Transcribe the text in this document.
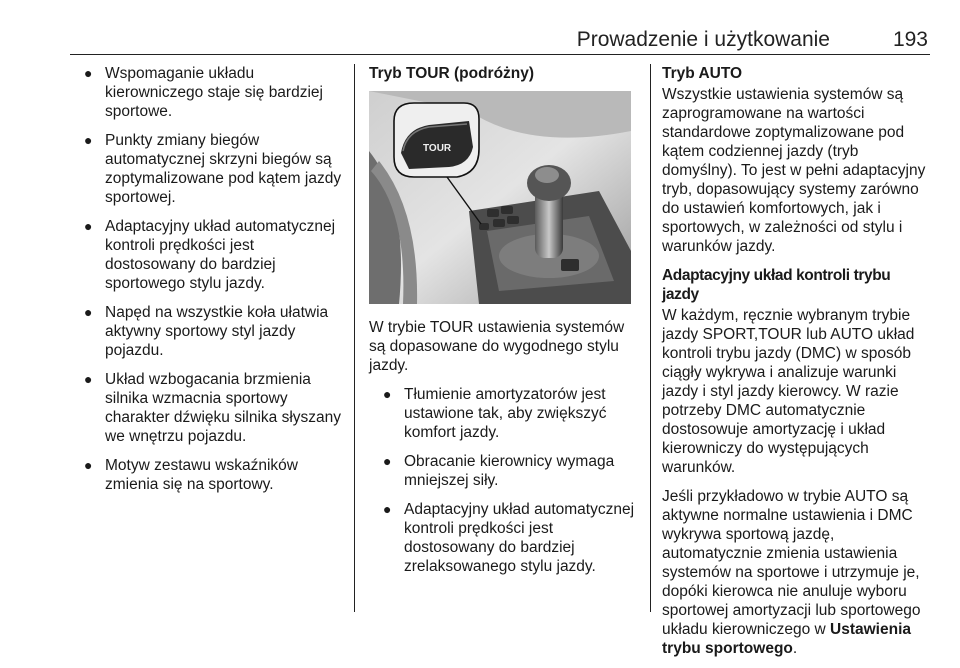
Prowadzenie i użytkowanie	193
● Wspomaganie układu kierowniczego staje się bardziej sportowe.
● Punkty zmiany biegów automatycznej skrzyni biegów są zoptymalizowane pod kątem jazdy sportowej.
● Adaptacyjny układ automatycznej kontroli prędkości jest dostosowany do bardziej sportowego stylu jazdy.
● Napęd na wszystkie koła ułatwia aktywny sportowy styl jazdy pojazdu.
● Układ wzbogacania brzmienia silnika wzmacnia sportowy charakter dźwięku silnika słyszany we wnętrzu pojazdu.
● Motyw zestawu wskaźników zmienia się na sportowy.
Tryb TOUR (podróżny)
TOUR

W trybie TOUR ustawienia systemów są dopasowane do wygodnego stylu jazdy.

● Tłumienie amortyzatorów jest ustawione tak, aby zwiększyć komfort jazdy.
● Obracanie kierownicy wymaga mniejszej siły.
● Adaptacyjny układ automatycznej kontroli prędkości jest dostosowany do bardziej zrelaksowanego stylu jazdy.
Tryb AUTO

Wszystkie ustawienia systemów są zaprogramowane na wartości standardowe zoptymalizowane pod kątem codziennej jazdy (tryb domyślny). To jest w pełni adaptacyjny tryb, dopasowujący systemy zarówno do ustawień komfortowych, jak i sportowych, w zależności od stylu i warunków jazdy.

Adaptacyjny układ kontroli trybu jazdy

W każdym, ręcznie wybranym trybie jazdy SPORT,TOUR lub AUTO układ kontroli trybu jazdy (DMC) w sposób ciągły wykrywa i analizuje warunki jazdy i styl jazdy kierowcy. W razie potrzeby DMC automatycznie dostosowuje amortyzację i układ kierowniczy do występujących warunków.

Jeśli przykładowo w trybie AUTO są aktywne normalne ustawienia i DMC wykrywa sportową jazdę, automatycznie zmienia ustawienia systemów na sportowe i utrzymuje je, dopóki kierowca nie anuluje wyboru sportowej amortyzacji lub sportowego układu kierowniczego w Ustawienia trybu sportowego.
